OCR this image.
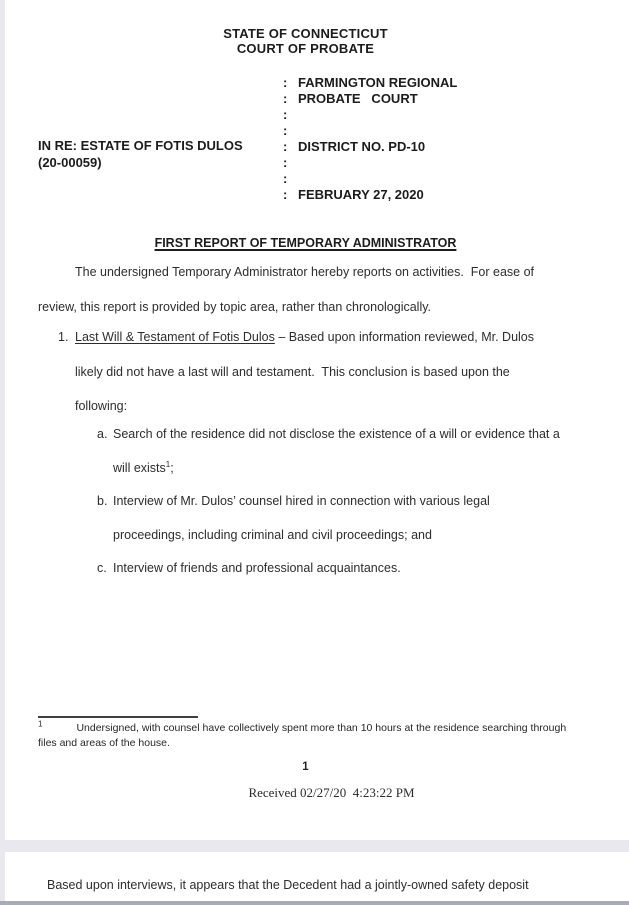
STATE OF CONNECTICUT
COURT OF PROBATE
IN RE: ESTATE OF FOTIS DULOS
(20-00059)
: FARMINGTON REGIONAL
: PROBATE   COURT
:
:
: DISTRICT NO. PD-10
:
:
: FEBRUARY 27, 2020
FIRST REPORT OF TEMPORARY ADMINISTRATOR
The undersigned Temporary Administrator hereby reports on activities.  For ease of
review, this report is provided by topic area, rather than chronologically.
1. Last Will & Testament of Fotis Dulos – Based upon information reviewed, Mr. Dulos
likely did not have a last will and testament.  This conclusion is based upon the
following:
a. Search of the residence did not disclose the existence of a will or evidence that a
will exists$^1$;
b. Interview of Mr. Dulos’ counsel hired in connection with various legal
proceedings, including criminal and civil proceedings; and
c. Interview of friends and professional acquaintances.
$^1$	Undersigned, with counsel have collectively spent more than 10 hours at the residence searching through
files and areas of the house.
1
Received 02/27/20  4:23:22 PM
Based upon interviews, it appears that the Decedent had a jointly-owned safety deposit
